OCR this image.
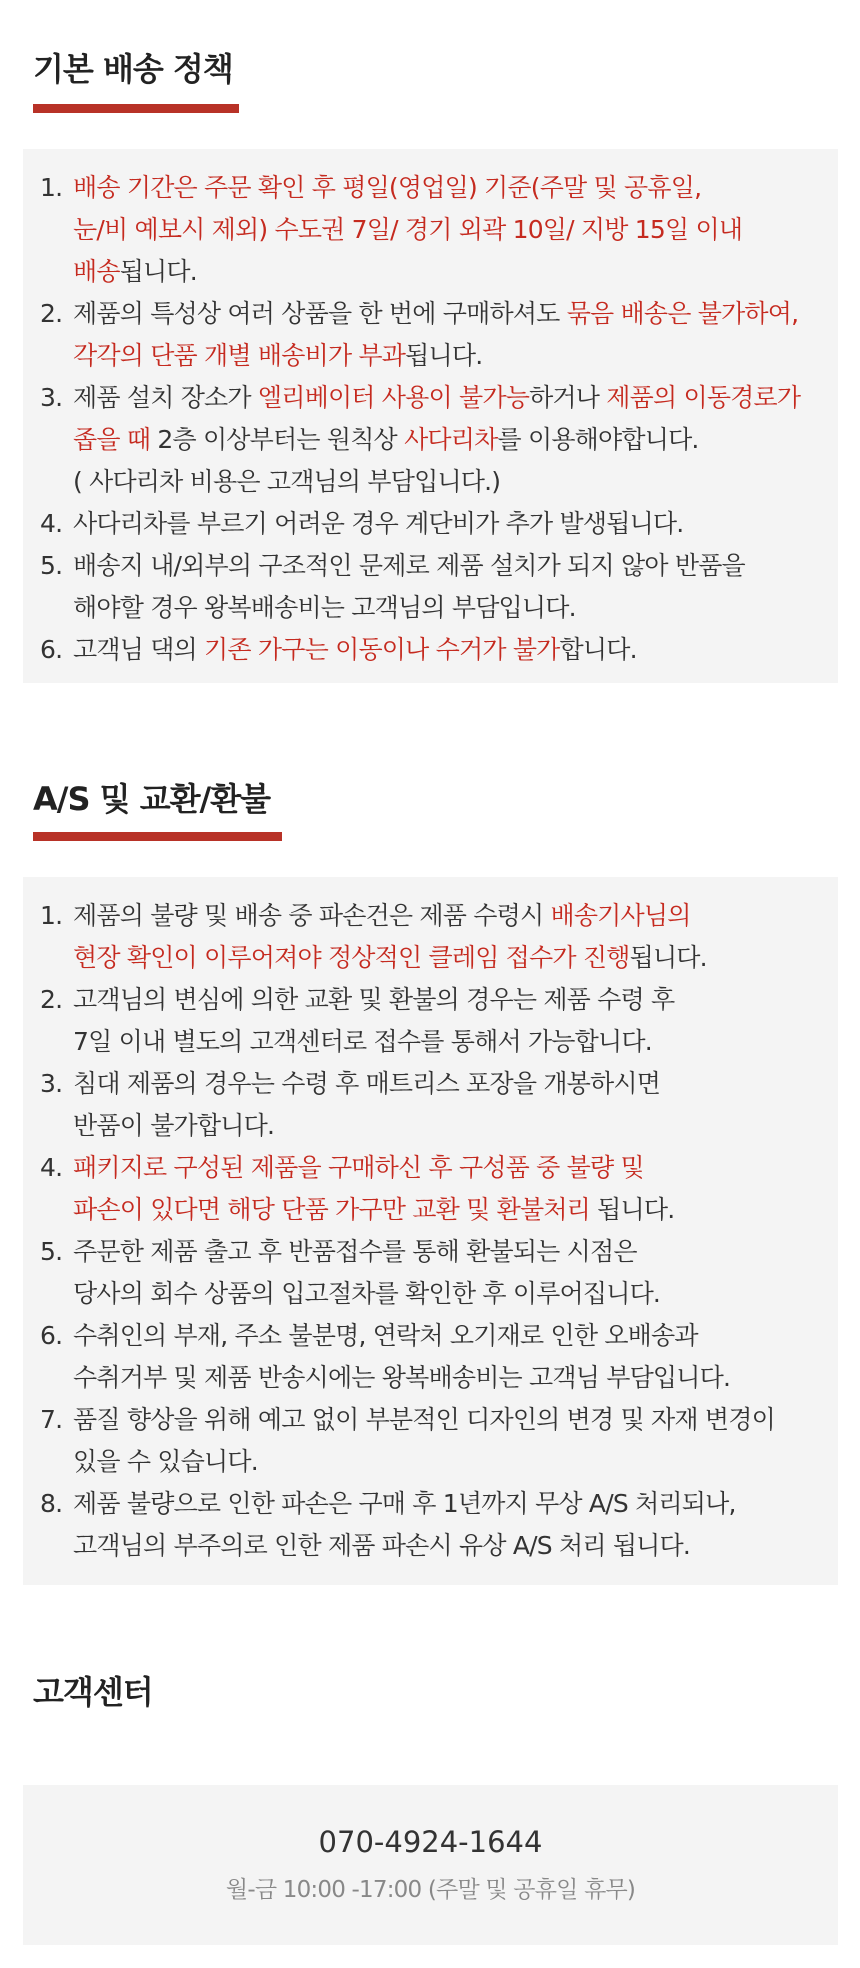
기본 배송 정책
1. 배송 기간은 주문 확인 후 평일(영업일) 기준(주말 및 공휴일,
눈/비 예보시 제외) 수도권 7일/ 경기 외곽 10일/ 지방 15일 이내
배송됩니다.
2. 제품의 특성상 여러 상품을 한 번에 구매하셔도 묶음 배송은 불가하여,
각각의 단품 개별 배송비가 부과됩니다.
3. 제품 설치 장소가 엘리베이터 사용이 불가능하거나 제품의 이동경로가
좁을 때 2층 이상부터는 원칙상 사다리차를 이용해야합니다.
( 사다리차 비용은 고객님의 부담입니다.)
4. 사다리차를 부르기 어려운 경우 계단비가 추가 발생됩니다.
5. 배송지 내/외부의 구조적인 문제로 제품 설치가 되지 않아 반품을
해야할 경우 왕복배송비는 고객님의 부담입니다.
6. 고객님 댁의 기존 가구는 이동이나 수거가 불가합니다.
A/S 및 교환/환불
1. 제품의 불량 및 배송 중 파손건은 제품 수령시 배송기사님의
현장 확인이 이루어져야 정상적인 클레임 접수가 진행됩니다.
2. 고객님의 변심에 의한 교환 및 환불의 경우는 제품 수령 후
7일 이내 별도의 고객센터로 접수를 통해서 가능합니다.
3. 침대 제품의 경우는 수령 후 매트리스 포장을 개봉하시면
반품이 불가합니다.
4. 패키지로 구성된 제품을 구매하신 후 구성품 중 불량 및
파손이 있다면 해당 단품 가구만 교환 및 환불처리 됩니다.
5. 주문한 제품 출고 후 반품접수를 통해 환불되는 시점은
당사의 회수 상품의 입고절차를 확인한 후 이루어집니다.
6. 수취인의 부재, 주소 불분명, 연락처 오기재로 인한 오배송과
수취거부 및 제품 반송시에는 왕복배송비는 고객님 부담입니다.
7. 품질 향상을 위해 예고 없이 부분적인 디자인의 변경 및 자재 변경이
있을 수 있습니다.
8. 제품 불량으로 인한 파손은 구매 후 1년까지 무상 A/S 처리되나,
고객님의 부주의로 인한 제품 파손시 유상 A/S 처리 됩니다.
고객센터
070-4924-1644
월-금 10:00 -17:00 (주말 및 공휴일 휴무)
